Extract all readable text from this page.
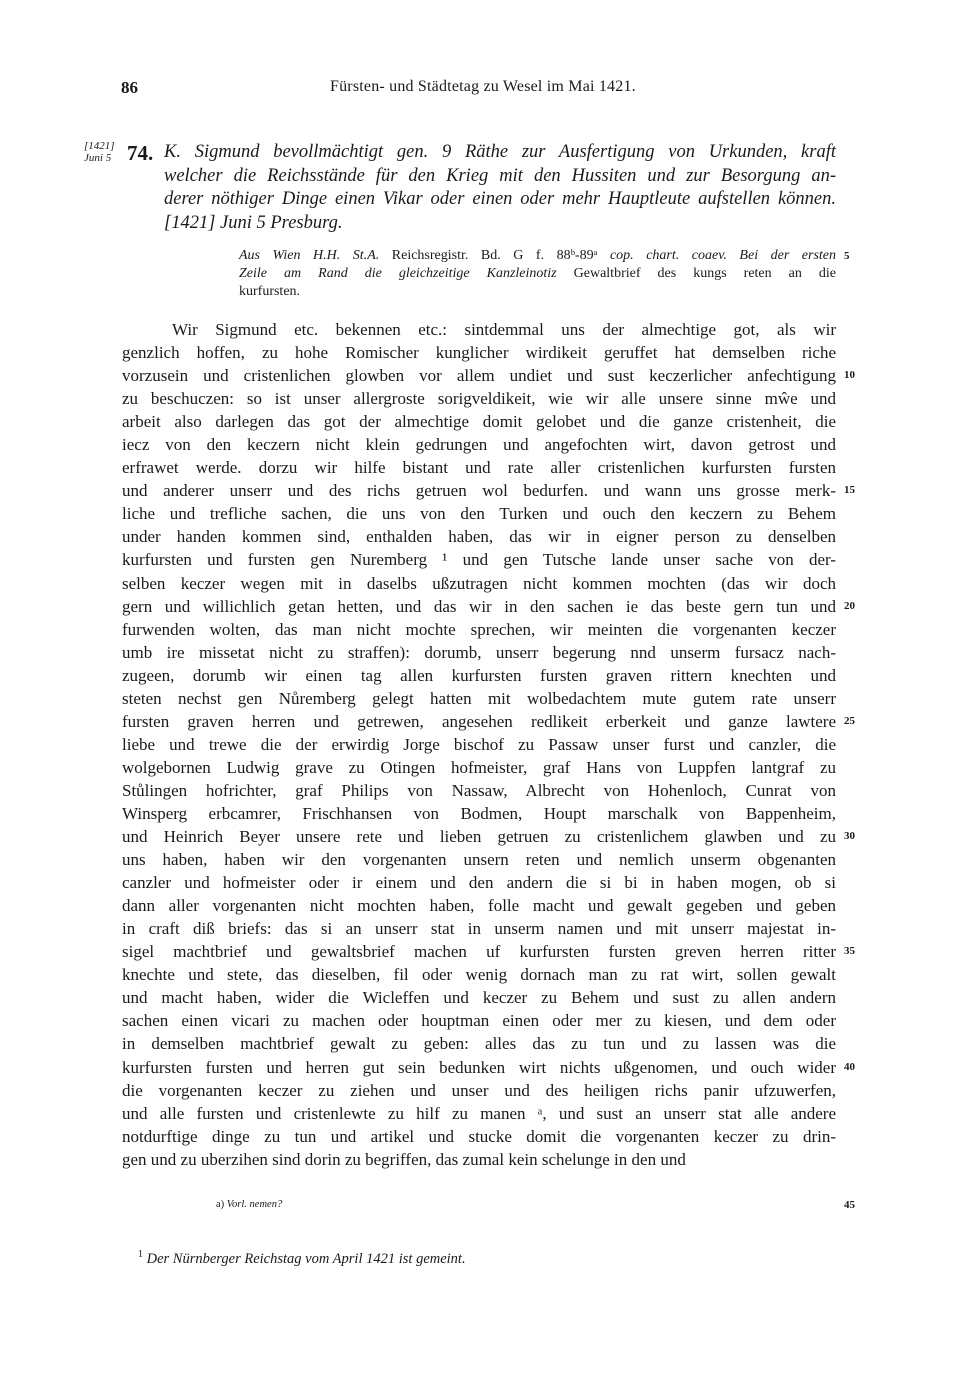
86	Fürsten- und Städtetag zu Wesel im Mai 1421.
[1421]
Juni 5 74. K. Sigmund bevollmächtigt gen. 9 Räthe zur Ausfertigung von Urkunden, kraft
welcher die Reichsstände für den Krieg mit den Hussiten und zur Besorgung an-
derer nöthiger Dinge einen Vikar oder einen oder mehr Hauptleute aufstellen können.
[1421] Juni 5 Presburg.
Aus Wien H.H. St.A. Reichsregistr. Bd. G f. 88ᵇ-89ᵃ cop. chart. coaev. Bei der ersten
Zeile am Rand die gleichzeitige Kanzleinotiz Gewaltbrief des kungs reten an die
kurfursten.
5
Wir Sigmund etc. bekennen etc.: sintdemmal uns der almechtige got, als wir
genzlich hoffen, zu hohe Romischer kunglicher wirdikeit geruffet hat demselben riche
vorzusein und cristenlichen glowben vor allem undiet und sust keczerlicher anfechtigung
zu beschuczen: so ist unser allergroste sorigveldikeit, wie wir alle unsere sinne mŵe und
arbeit also darlegen das got der almechtige domit gelobet und die ganze cristenheit, die
iecz von den keczern nicht klein gedrungen und angefochten wirt, davon getrost und
erfrawet werde. dorzu wir hilfe bistant und rate aller cristenlichen kurfursten fursten
und anderer unserr und des richs getruen wol bedurfen. und wann uns grosse merk-
liche und trefliche sachen, die uns von den Turken und ouch den keczern zu Behem
under handen kommen sind, enthalden haben, das wir in eigner person zu denselben
kurfursten und fursten gen Nuremberg ¹ und gen Tutsche lande unser sache von der-
selben keczer wegen mit in daselbs ußzutragen nicht kommen mochten (das wir doch
gern und willichlich getan hetten, und das wir in den sachen ie das beste gern tun und
furwenden wolten, das man nicht mochte sprechen, wir meinten die vorgenanten keczer
umb ire missetat nicht zu straffen): dorumb, unserr begerung nnd unserm fursacz nach-
zugeen, dorumb wir einen tag allen kurfursten fursten graven rittern knechten und
steten nechst gen Nůremberg gelegt hatten mit wolbedachtem mute gutem rate unserr
fursten graven herren und getrewen, angesehen redlikeit erberkeit und ganze lawtere
liebe und trewe die der erwirdig Jorge bischof zu Passaw unser furst und canzler, die
wolgebornen Ludwig grave zu Otingen hofmeister, graf Hans von Luppfen lantgraf zu
Stůlingen hofrichter, graf Philips von Nassaw, Albrecht von Hohenloch, Cunrat von
Winsperg erbcamrer, Frischhansen von Bodmen, Houpt marschalk von Bappenheim,
und Heinrich Beyer unsere rete und lieben getruen zu cristenlichem glawben und zu
uns haben, haben wir den vorgenanten unsern reten und nemlich unserm obgenanten
canzler und hofmeister oder ir einem und den andern die si bi in haben mogen, ob si
dann aller vorgenanten nicht mochten haben, folle macht und gewalt gegeben und geben
in craft diß briefs: das si an unserr stat in unserm namen und mit unserr majestat in-
sigel machtbrief und gewaltsbrief machen uf kurfursten fursten greven herren ritter
knechte und stete, das dieselben, fil oder wenig dornach man zu rat wirt, sollen gewalt
und macht haben, wider die Wicleffen und keczer zu Behem und sust zu allen andern
sachen einen vicari zu machen oder houptman einen oder mer zu kiesen, und dem oder
in demselben machtbrief gewalt zu geben: alles das zu tun und zu lassen was die
kurfursten fursten und herren gut sein bedunken wirt nichts ußgenomen, und ouch wider
die vorgenanten keczer zu ziehen und unser und des heiligen richs panir ufzuwerfen,
und alle fursten und cristenlewte zu hilf zu manen ᵃ, und sust an unserr stat alle andere
notdurftige dinge zu tun und artikel und stucke domit die vorgenanten keczer zu drin-
gen und zu uberzihen sind dorin zu begriffen, das zumal kein schelunge in den und
10
15
20
25
30
35
40
a) Vorl. nemen?	45
$^1$ Der Nürnberger Reichstag vom April 1421 ist gemeint.
